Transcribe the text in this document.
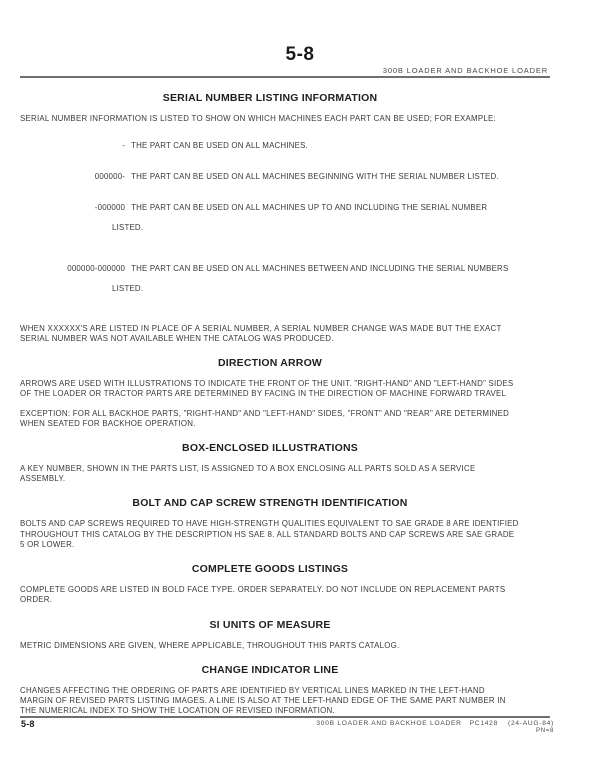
5-8
300B LOADER AND BACKHOE LOADER
SERIAL NUMBER LISTING INFORMATION

SERIAL NUMBER INFORMATION IS LISTED TO SHOW ON WHICH MACHINES EACH PART CAN BE USED; FOR EXAMPLE:

- THE PART CAN BE USED ON ALL MACHINES.

000000- THE PART CAN BE USED ON ALL MACHINES BEGINNING WITH THE SERIAL NUMBER LISTED.

-000000 THE PART CAN BE USED ON ALL MACHINES UP TO AND INCLUDING THE SERIAL NUMBER

LISTED.

000000-000000 THE PART CAN BE USED ON ALL MACHINES BETWEEN AND INCLUDING THE SERIAL NUMBERS

LISTED.

WHEN XXXXXX'S ARE LISTED IN PLACE OF A SERIAL NUMBER, A SERIAL NUMBER CHANGE WAS MADE BUT THE EXACT SERIAL NUMBER WAS NOT AVAILABLE WHEN THE CATALOG WAS PRODUCED.

DIRECTION ARROW

ARROWS ARE USED WITH ILLUSTRATIONS TO INDICATE THE FRONT OF THE UNIT. "RIGHT-HAND" AND "LEFT-HAND" SIDES OF THE LOADER OR TRACTOR PARTS ARE DETERMINED BY FACING IN THE DIRECTION OF MACHINE FORWARD TRAVEL

EXCEPTION: FOR ALL BACKHOE PARTS, "RIGHT-HAND" AND "LEFT-HAND" SIDES, "FRONT" AND "REAR" ARE DETERMINED WHEN SEATED FOR BACKHOE OPERATION.

BOX-ENCLOSED ILLUSTRATIONS

A KEY NUMBER, SHOWN IN THE PARTS LIST, IS ASSIGNED TO A BOX ENCLOSING ALL PARTS SOLD AS A SERVICE ASSEMBLY.

BOLT AND CAP SCREW STRENGTH IDENTIFICATION

BOLTS AND CAP SCREWS REQUIRED TO HAVE HIGH-STRENGTH QUALITIES EQUIVALENT TO SAE GRADE 8 ARE IDENTIFIED THROUGHOUT THIS CATALOG BY THE DESCRIPTION HS SAE 8. ALL STANDARD BOLTS AND CAP SCREWS ARE SAE GRADE 5 OR LOWER.

COMPLETE GOODS LISTINGS

COMPLETE GOODS ARE LISTED IN BOLD FACE TYPE. ORDER SEPARATELY. DO NOT INCLUDE ON REPLACEMENT PARTS ORDER.

SI UNITS OF MEASURE

METRIC DIMENSIONS ARE GIVEN, WHERE APPLICABLE, THROUGHOUT THIS PARTS CATALOG.

CHANGE INDICATOR LINE

CHANGES AFFECTING THE ORDERING OF PARTS ARE IDENTIFIED BY VERTICAL LINES MARKED IN THE LEFT-HAND MARGIN OF REVISED PARTS LISTING IMAGES. A LINE IS ALSO AT THE LEFT-HAND EDGE OF THE SAME PART NUMBER IN THE NUMERICAL INDEX TO SHOW THE LOCATION OF REVISED INFORMATION.

5-8	300B LOADER AND BACKHOE LOADER PC1428 (24-AUG-84)
PN=8
